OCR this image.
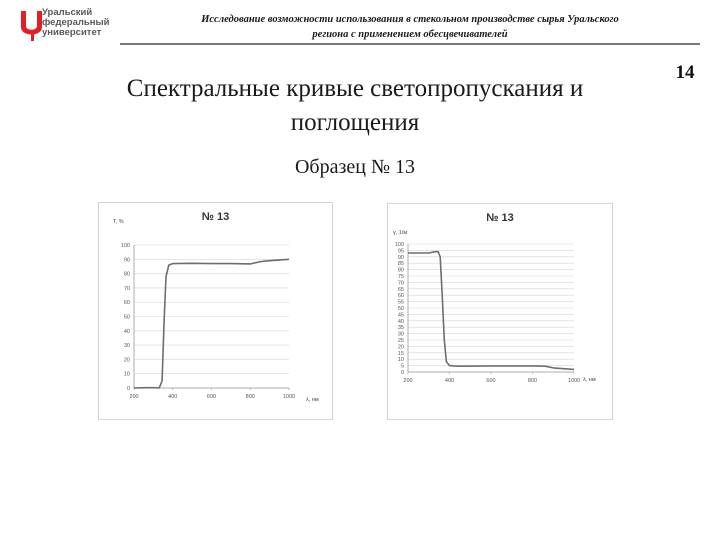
Уральский
федеральный
университет
Исследование возможности использования в стекольном производстве сырья Уральского
региона с применением обесцвечивателей
14
Спектральные кривые светопропускания и
поглощения
Образец № 13
0
10
20
30
40
50
60
70
80
90
100
200	400	600	800	1000
№ 13
Т, %
λ, нм
0
5
10
15
20
25
30
35
40
45
50
55
60
65
70
75
80
85
90
95
100
200	400	600	800	1000
№ 13
γ, 1/м
λ, нм
